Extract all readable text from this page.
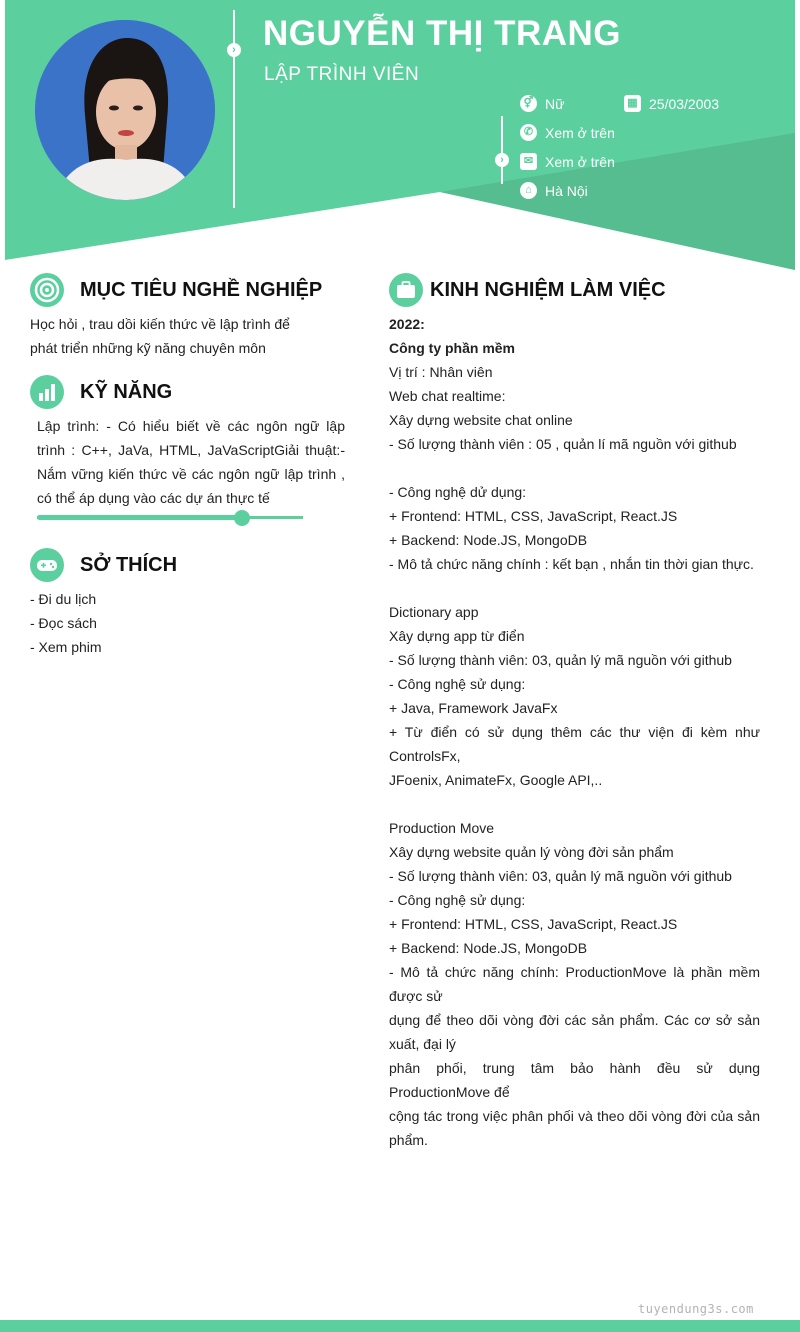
› NGUYỄN THỊ TRANG
LẬP TRÌNH VIÊN
›
⚥ Nữ	▦ 25/03/2003
✆ Xem ở trên
✉ Xem ở trên
⌂ Hà Nội
MỤC TIÊU NGHỀ NGHIỆP
Học hỏi , trau dồi kiến thức về lập trình để
phát triển những kỹ năng chuyên môn
KỸ NĂNG
Lập trình: - Có hiểu biết về các ngôn ngữ lập trình : C++, JaVa, HTML, JaVaScriptGiải thuật:- Nắm vững kiến thức về các ngôn ngữ lập trình , có thể áp dụng vào các dự án thực tế
SỞ THÍCH
- Đi du lịch
- Đọc sách
- Xem phim
KINH NGHIỆM LÀM VIỆC
2022:
Công ty phần mềm
Vị trí : Nhân viên
Web chat realtime:
Xây dựng website chat online
- Số lượng thành viên : 05 , quản lí mã nguồn với github
- Công nghệ dử dụng:
+ Frontend: HTML, CSS, JavaScript, React.JS
+ Backend: Node.JS, MongoDB
- Mô tả chức năng chính : kết bạn , nhắn tin thời gian thực.
Dictionary app
Xây dựng app từ điển
- Số lượng thành viên: 03, quản lý mã nguồn với github
- Công nghệ sử dụng:
+ Java, Framework JavaFx
+ Từ điển có sử dụng thêm các thư viện đi kèm như ControlsFx,
JFoenix, AnimateFx, Google API,..
Production Move
Xây dựng website quản lý vòng đời sản phẩm
- Số lượng thành viên: 03, quản lý mã nguồn với github
- Công nghệ sử dụng:
+ Frontend: HTML, CSS, JavaScript, React.JS
+ Backend: Node.JS, MongoDB
- Mô tả chức năng chính: ProductionMove là phần mềm được sử
dụng để theo dõi vòng đời các sản phẩm. Các cơ sở sản xuất, đại lý
phân phối, trung tâm bảo hành đều sử dụng ProductionMove để
cộng tác trong việc phân phối và theo dõi vòng đời của sản phẩm.
tuyendung3s.com
